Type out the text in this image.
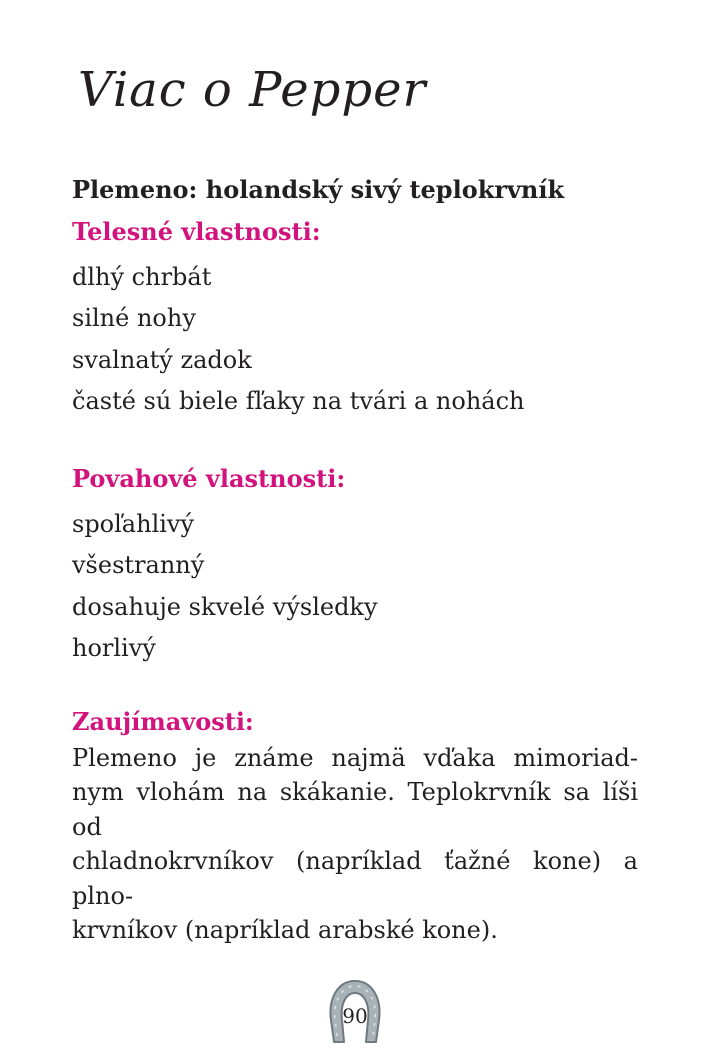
Viac o Pepper

Plemeno: holandský sivý teplokrvník

Telesné vlastnosti:
dlhý chrbát
silné nohy
svalnatý zadok
časté sú biele fľaky na tvári a nohách
Povahové vlastnosti:
spoľahlivý
všestranný
dosahuje skvelé výsledky
horlivý
Zaujímavosti:

Plemeno je známe najmä vďaka mimoriad-
nym vlohám na skákanie. Teplokrvník sa líši od
chladnokrvníkov (napríklad ťažné kone) a plno-
krvníkov (napríklad arabské kone).

90
